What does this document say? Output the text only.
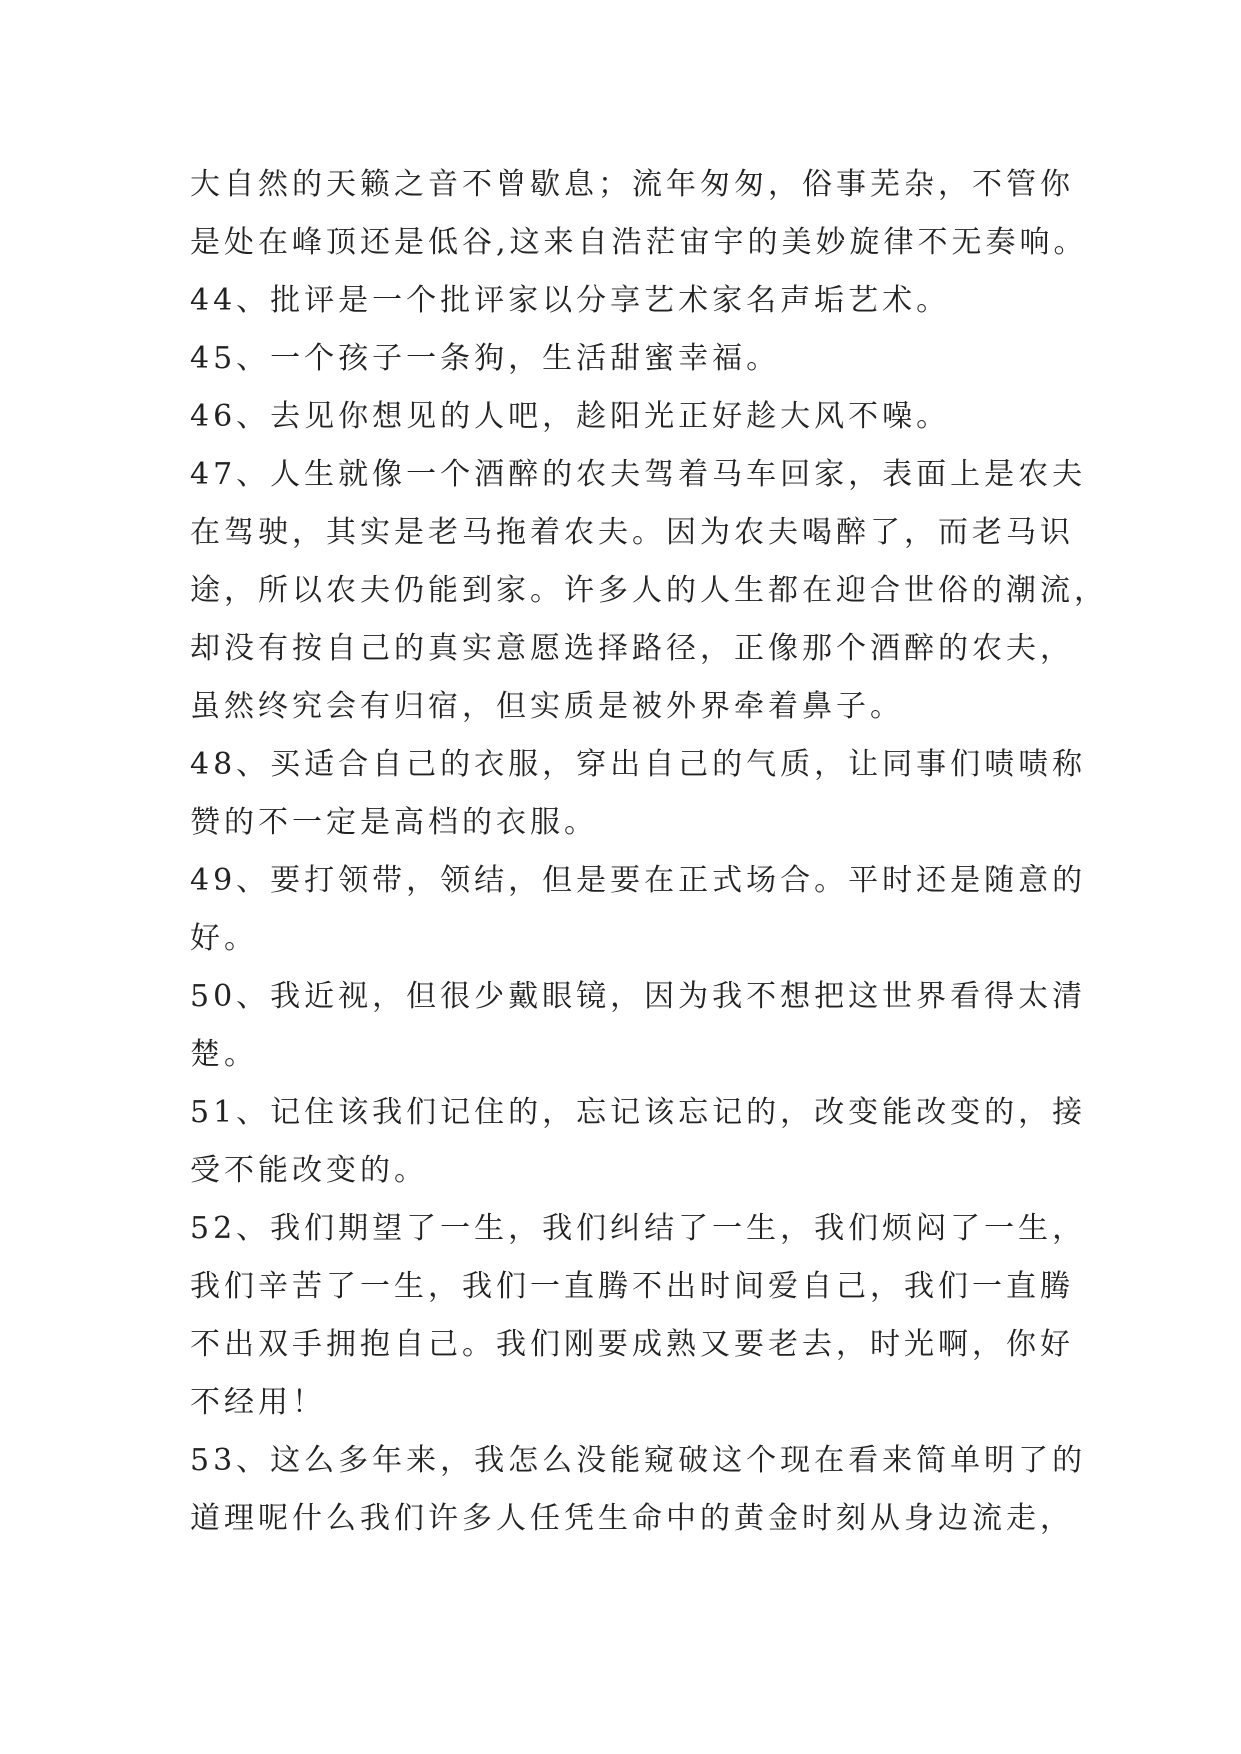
大自然的天籁之音不曾歇息；流年匆匆，俗事芜杂，不管你
是处在峰顶还是低谷,这来自浩茫宙宇的美妙旋律不无奏响。
44、批评是一个批评家以分享艺术家名声垢艺术。
45、一个孩子一条狗，生活甜蜜幸福。
46、去见你想见的人吧，趁阳光正好趁大风不噪。
47、人生就像一个酒醉的农夫驾着马车回家，表面上是农夫
在驾驶，其实是老马拖着农夫。因为农夫喝醉了，而老马识
途，所以农夫仍能到家。许多人的人生都在迎合世俗的潮流，
却没有按自己的真实意愿选择路径，正像那个酒醉的农夫，
虽然终究会有归宿，但实质是被外界牵着鼻子。
48、买适合自己的衣服，穿出自己的气质，让同事们啧啧称
赞的不一定是高档的衣服。
49、要打领带，领结，但是要在正式场合。平时还是随意的
好。
50、我近视，但很少戴眼镜，因为我不想把这世界看得太清
楚。
51、记住该我们记住的，忘记该忘记的，改变能改变的，接
受不能改变的。
52、我们期望了一生，我们纠结了一生，我们烦闷了一生，
我们辛苦了一生，我们一直腾不出时间爱自己，我们一直腾
不出双手拥抱自己。我们刚要成熟又要老去，时光啊，你好
不经用！
53、这么多年来，我怎么没能窥破这个现在看来简单明了的
道理呢什么我们许多人任凭生命中的黄金时刻从身边流走，
